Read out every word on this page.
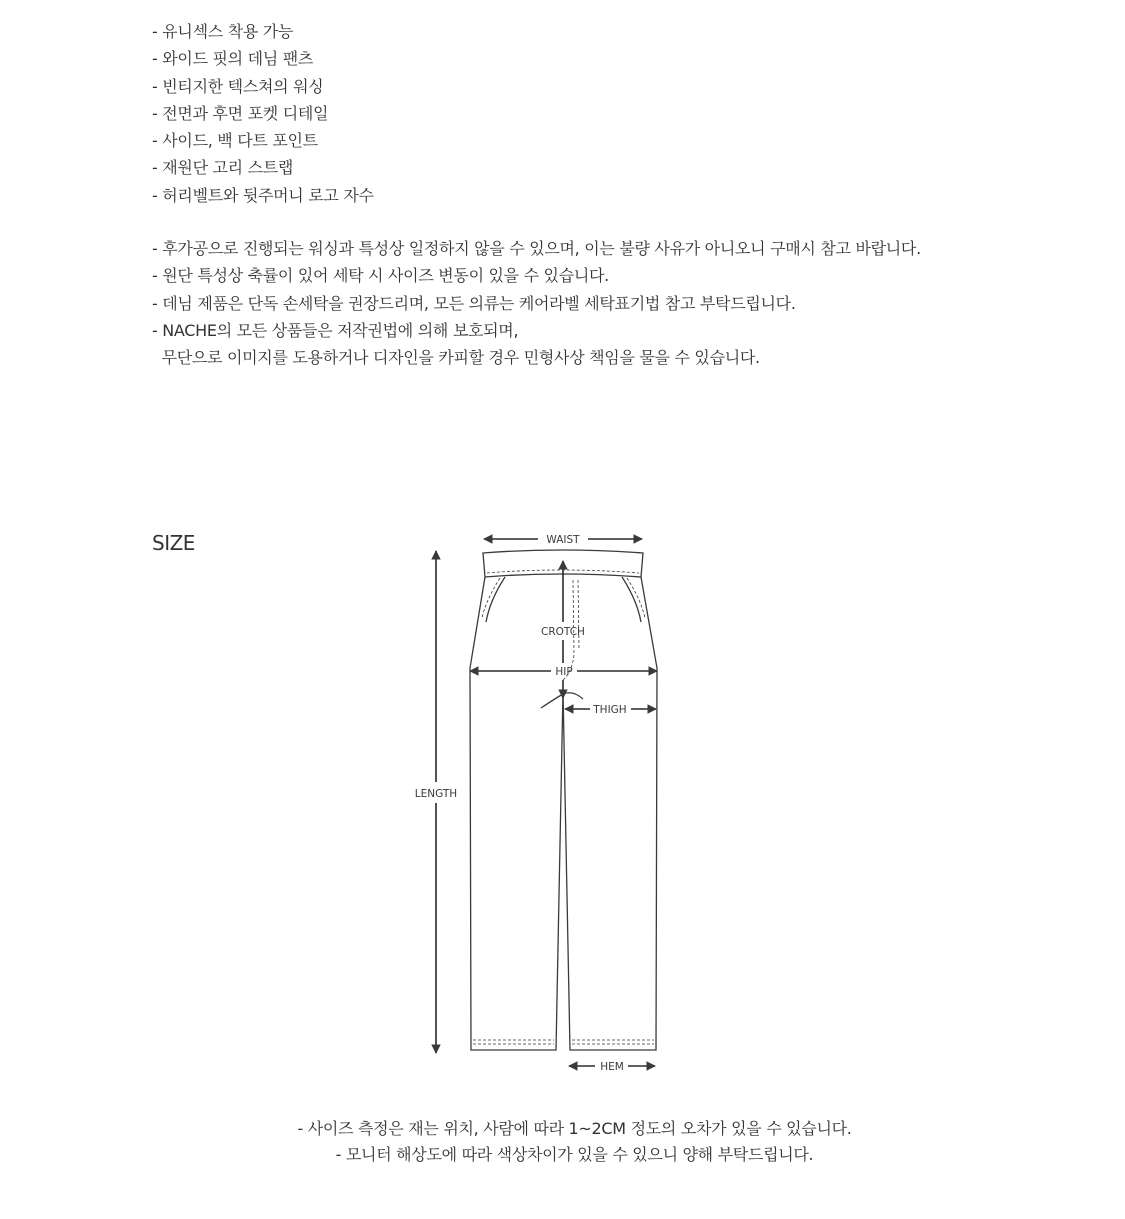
- 유니섹스 착용 가능
- 와이드 핏의 데님 팬츠
- 빈티지한 텍스쳐의 워싱
- 전면과 후면 포켓 디테일
- 사이드, 백 다트 포인트
- 재원단 고리 스트랩
- 허리벨트와 뒷주머니 로고 자수
- 후가공으로 진행되는 워싱과 특성상 일정하지 않을 수 있으며, 이는 불량 사유가 아니오니 구매시 참고 바랍니다.
- 원단 특성상 축률이 있어 세탁 시 사이즈 변동이 있을 수 있습니다.
- 데님 제품은 단독 손세탁을 권장드리며, 모든 의류는 케어라벨 세탁표기법 참고 부탁드립니다.
- NACHE의 모든 상품들은 저작권법에 의해 보호되며,
무단으로 이미지를 도용하거나 디자인을 카피할 경우 민형사상 책임을 물을 수 있습니다.
SIZE	WAIST
CROTCH
HIP
THIGH
LENGTH
HEM
- 사이즈 측정은 재는 위치, 사람에 따라 1~2CM 정도의 오차가 있을 수 있습니다.
- 모니터 해상도에 따라 색상차이가 있을 수 있으니 양해 부탁드립니다.
